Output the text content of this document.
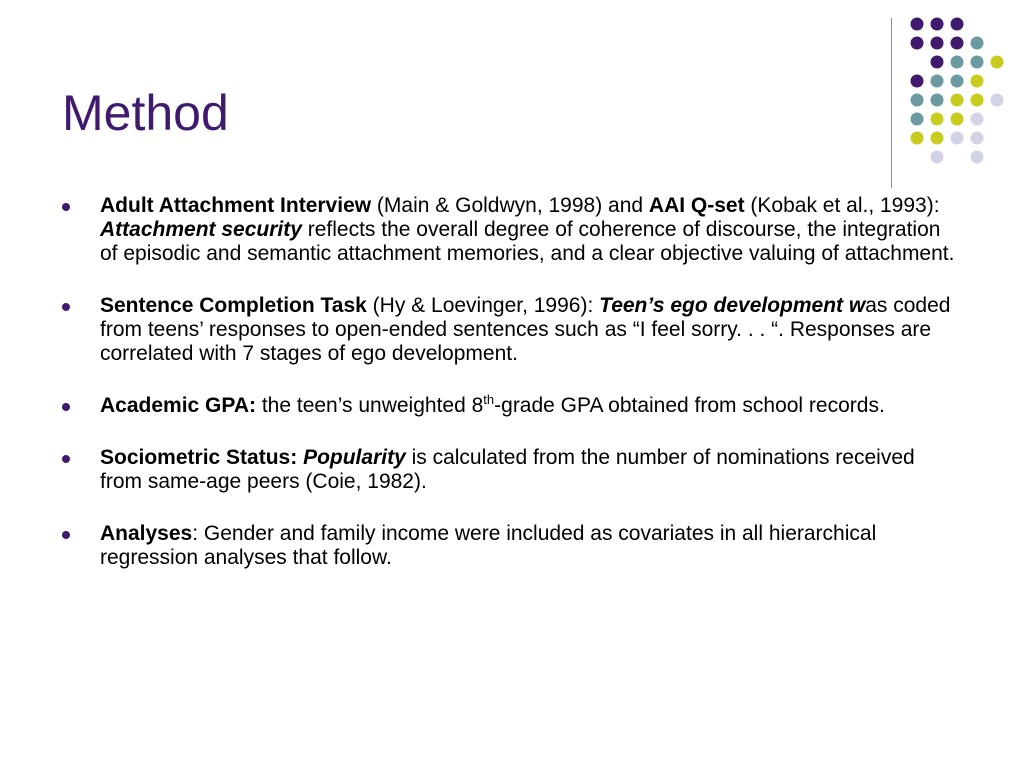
Method
Adult Attachment Interview (Main & Goldwyn, 1998) and AAI Q-set (Kobak et al., 1993): Attachment security reflects the overall degree of coherence of discourse, the integration of episodic and semantic attachment memories, and a clear objective valuing of attachment.
Sentence Completion Task (Hy & Loevinger, 1996): Teen’s ego development was coded from teens’ responses to open-ended sentences such as “I feel sorry. . . “. Responses are correlated with 7 stages of ego development.
Academic GPA: the teen’s unweighted 8th-grade GPA obtained from school records.
Sociometric Status: Popularity is calculated from the number of nominations received from same-age peers (Coie, 1982).
Analyses: Gender and family income were included as covariates in all hierarchical regression analyses that follow.
